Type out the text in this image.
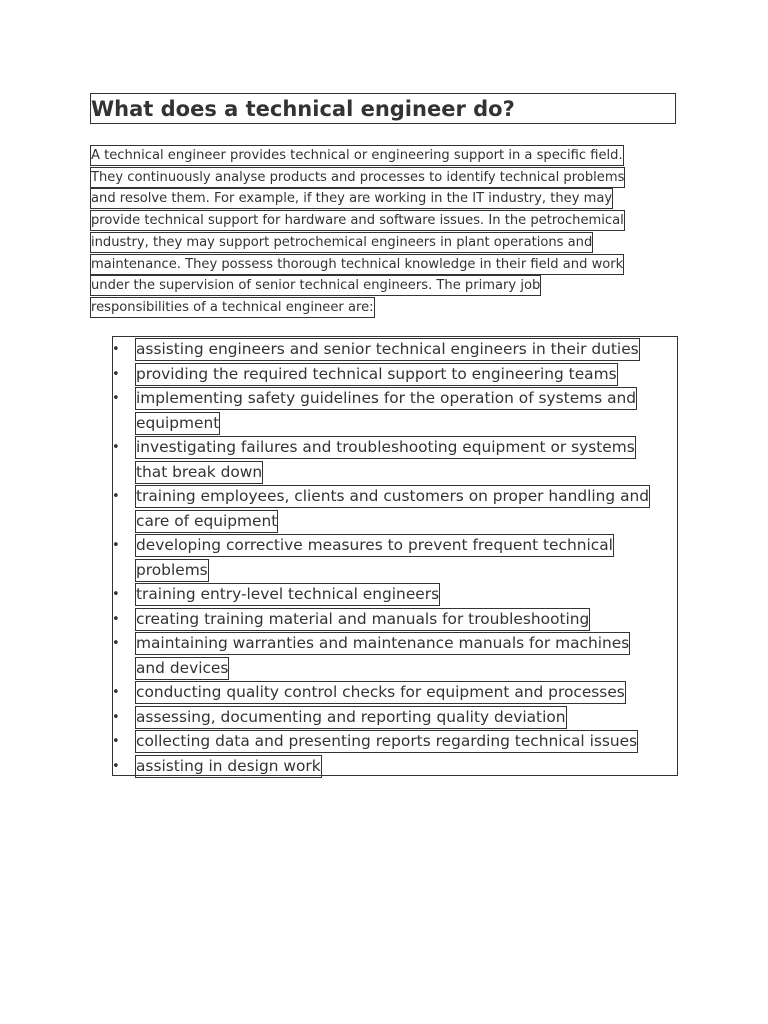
What does a technical engineer do?

A technical engineer provides technical or engineering support in a specific field.
They continuously analyse products and processes to identify technical problems
and resolve them. For example, if they are working in the IT industry, they may
provide technical support for hardware and software issues. In the petrochemical
industry, they may support petrochemical engineers in plant operations and
maintenance. They possess thorough technical knowledge in their field and work
under the supervision of senior technical engineers. The primary job
responsibilities of a technical engineer are:

• assisting engineers and senior technical engineers in their duties
• providing the required technical support to engineering teams
• implementing safety guidelines for the operation of systems and
equipment
• investigating failures and troubleshooting equipment or systems
that break down
• training employees, clients and customers on proper handling and
care of equipment
• developing corrective measures to prevent frequent technical
problems
• training entry-level technical engineers
• creating training material and manuals for troubleshooting
• maintaining warranties and maintenance manuals for machines
and devices
• conducting quality control checks for equipment and processes
• assessing, documenting and reporting quality deviation
• collecting data and presenting reports regarding technical issues
• assisting in design work
